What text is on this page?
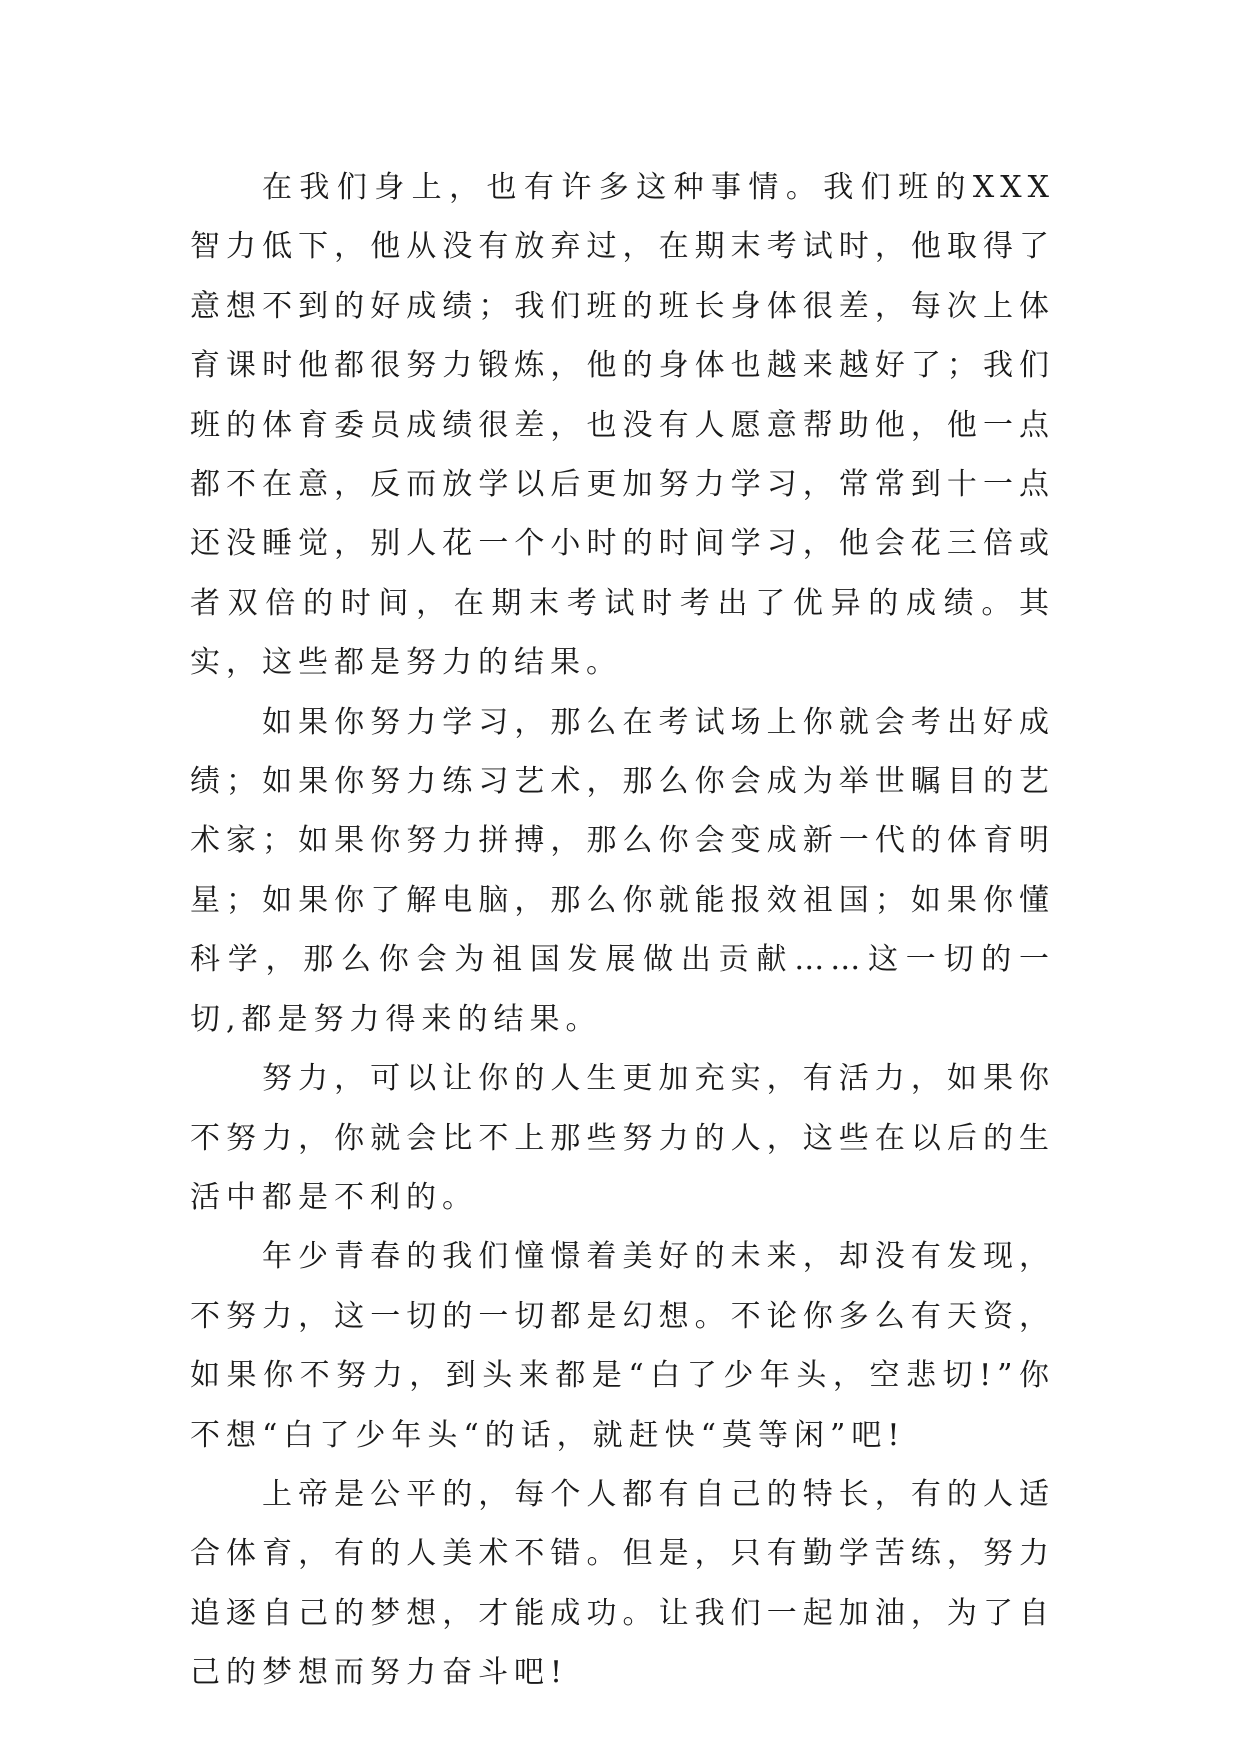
在我们身上，也有许多这种事情。我们班的XXX智力低下，他从没有放弃过，在期末考试时，他取得了意想不到的好成绩；我们班的班长身体很差，每次上体育课时他都很努力锻炼，他的身体也越来越好了；我们班的体育委员成绩很差，也没有人愿意帮助他，他一点都不在意，反而放学以后更加努力学习，常常到十一点还没睡觉，别人花一个小时的时间学习，他会花三倍或者双倍的时间，在期末考试时考出了优异的成绩。其实，这些都是努力的结果。

如果你努力学习，那么在考试场上你就会考出好成绩；如果你努力练习艺术，那么你会成为举世瞩目的艺术家；如果你努力拼搏，那么你会变成新一代的体育明星；如果你了解电脑，那么你就能报效祖国；如果你懂科学，那么你会为祖国发展做出贡献……这一切的一切,都是努力得来的结果。

努力，可以让你的人生更加充实，有活力，如果你不努力，你就会比不上那些努力的人，这些在以后的生活中都是不利的。

年少青春的我们憧憬着美好的未来，却没有发现，不努力，这一切的一切都是幻想。不论你多么有天资，如果你不努力，到头来都是“白了少年头，空悲切!”你不想“白了少年头“的话，就赶快“莫等闲”吧!

上帝是公平的，每个人都有自己的特长，有的人适合体育，有的人美术不错。但是，只有勤学苦练，努力追逐自己的梦想，才能成功。让我们一起加油，为了自己的梦想而努力奋斗吧!
